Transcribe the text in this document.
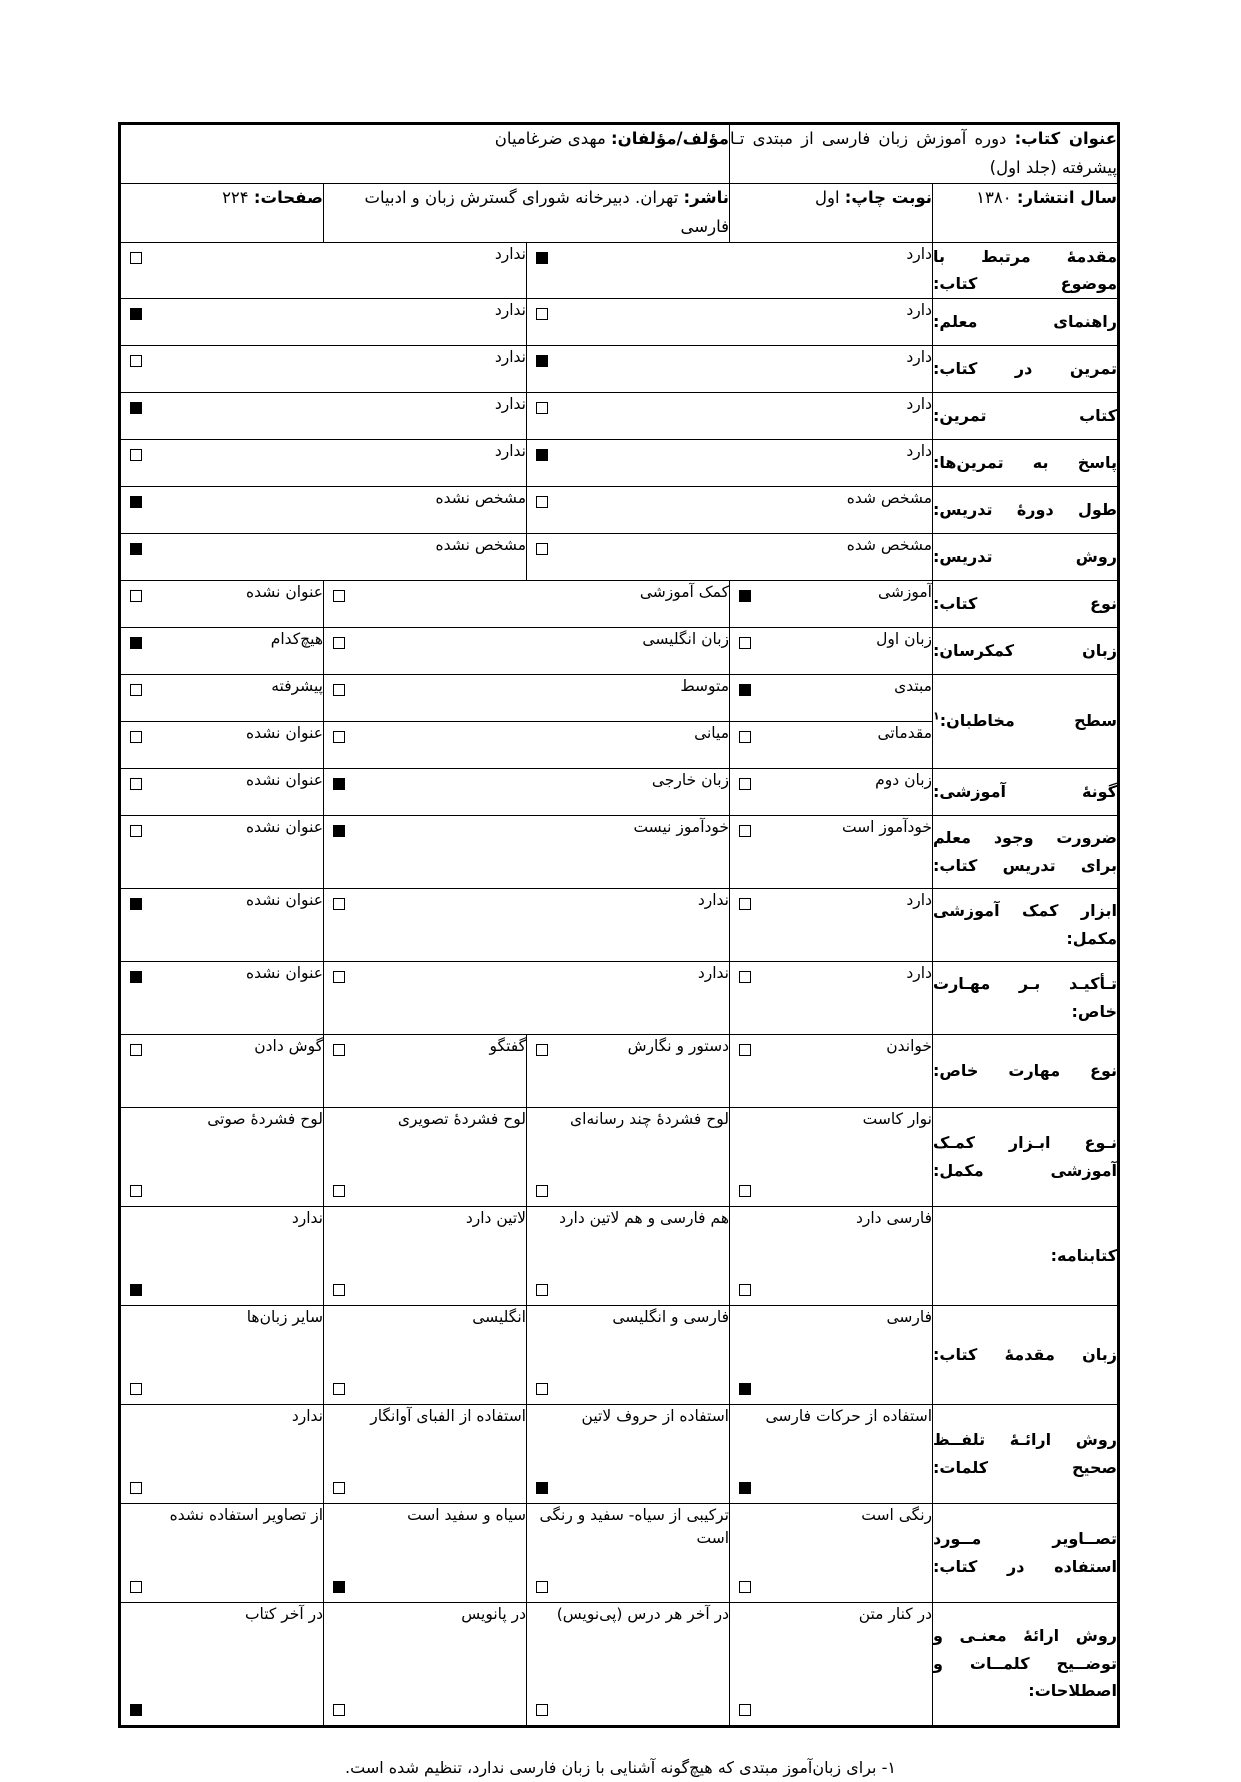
عنوان کتاب: دوره آموزش زبان فارسی از مبتدی تـا پیشرفته (جلد اول)		مؤلف/مؤلفان: مهدی ضرغامیان		
سال انتشار: ۱۳۸۰	نوبت چاپ: اول	ناشر: تهران. دبیرخانه شورای گسترش زبان و ادبیات فارسی		صفحات: ۲۲۴
مقدمهٔ مرتبط با موضوع کتاب:	دارد		ندارد	

راهنمای معلم:	دارد		ندارد	

تمرین در کتاب:	دارد		ندارد	

کتاب تمرین:	دارد		ندارد	

پاسخ به تمرین‌ها:	دارد		ندارد	

طول دورهٔ تدریس:	مشخص شده		مشخص نشده	

روش تدریس:	مشخص شده		مشخص نشده	

نوع کتاب:	آموزشی	کمک آموزشی		عنوان نشده

زبان کمکرسان:	زبان اول	زبان انگلیسی		هیچ‌کدام

سطح مخاطبان:$^۱$	مبتدی	متوسط		پیشرفته

	مقدماتی	میانی		عنوان نشده

گونهٔ آموزشی:	زبان دوم	زبان خارجی		عنوان نشده

ضرورت وجود معلم برای تدریس کتاب:	خودآموز است	خودآموز نیست		عنوان نشده

ابزار کمک آموزشی مکمل:	دارد	ندارد		عنوان نشده

تـأکیـد بـر مهـارت خاص:	دارد	ندارد		عنوان نشده

نوع مهارت خاص:	خواندن	دستور و نگارش	گفتگو	گوش دادن

نـوع ابـزار کمـک آموزشی مکمل:	نوار کاست	لوح فشردهٔ چند رسانه‌ای	لوح فشردهٔ تصویری	لوح فشردهٔ صوتی

کتابنامه:	فارسی دارد	هم فارسی و هم لاتین دارد	لاتین دارد	ندارد

زبان مقدمهٔ کتاب:	فارسی	فارسی و انگلیسی	انگلیسی	سایر زبان‌ها

روش ارائـهٔ تلفــظ صحیح کلمات:	استفاده از حرکات فارسی	استفاده از حروف لاتین	استفاده از الفبای آوانگار	ندارد

تصــاویر مــورد استفاده در کتاب:	رنگی است	ترکیبی از سیاه- سفید و رنگی است	سیاه و سفید است	از تصاویر استفاده نشده

روش ارائهٔ معنـی و توضــیح کلمــات و اصطلاحات:	در کنار متن	در آخر هر درس (پی‌نویس)	در پانویس	در آخر کتاب
۱- برای زبان‌آموز مبتدی که هیچ‌گونه آشنایی با زبان فارسی ندارد، تنظیم شده است.
